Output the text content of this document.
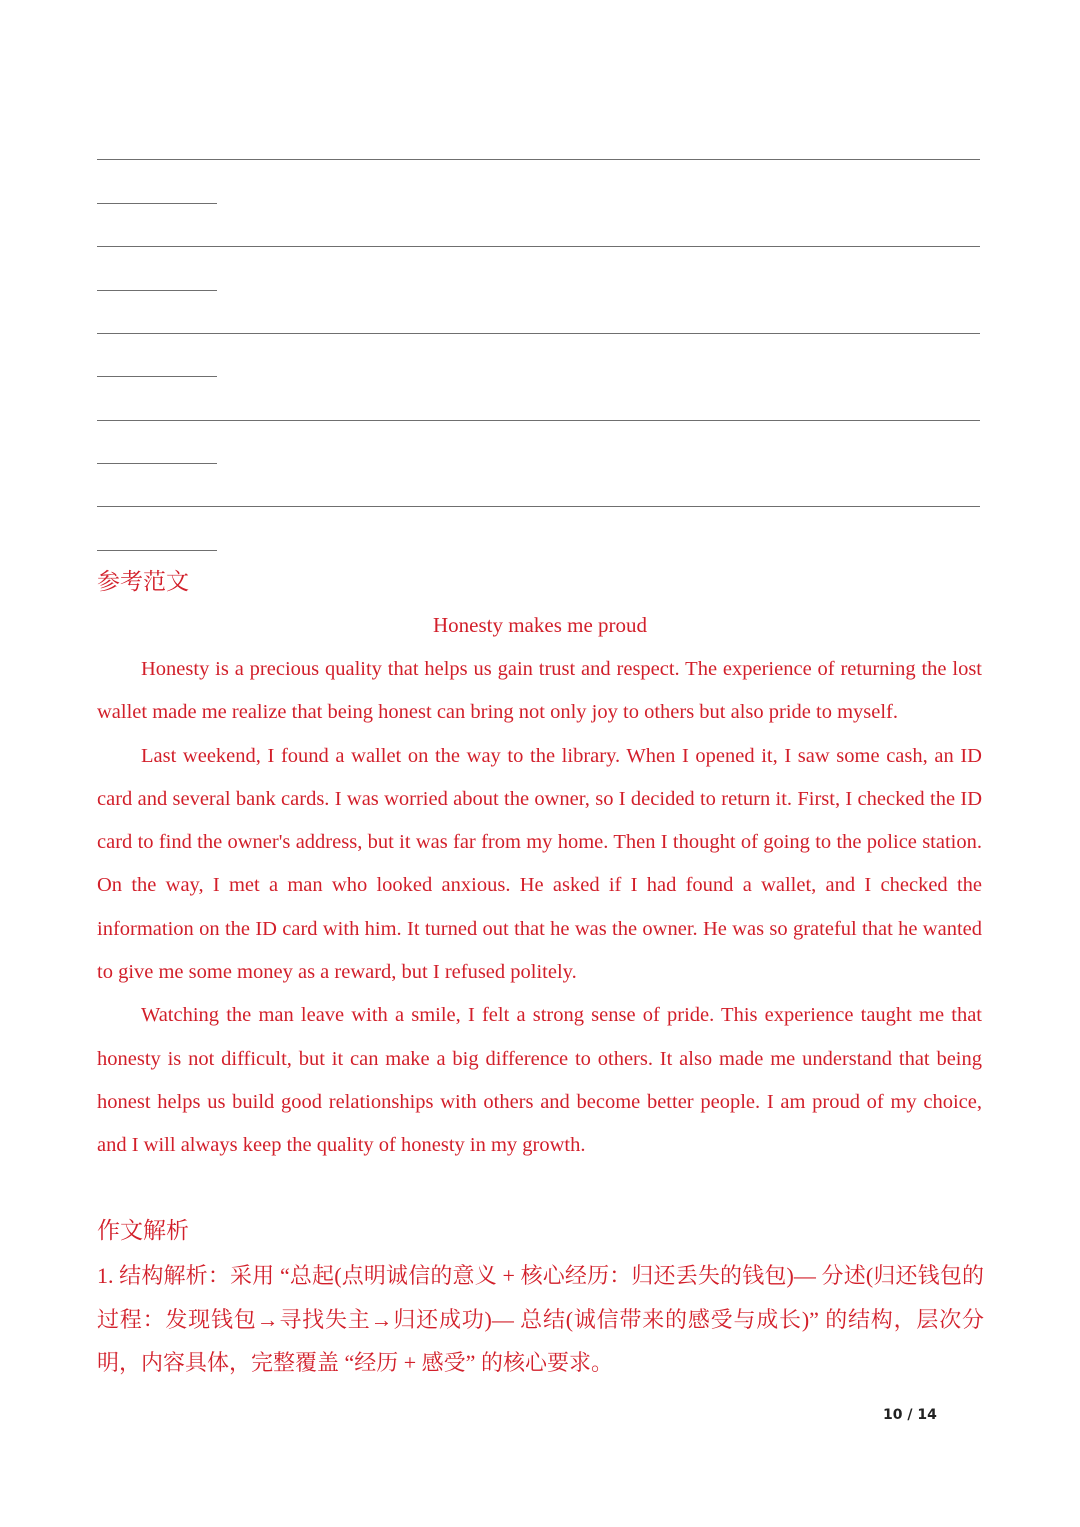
参考范文
Honesty makes me proud

Honesty is a precious quality that helps us gain trust and respect. The experience of returning the lost wallet made me realize that being honest can bring not only joy to others but also pride to myself.

Last weekend, I found a wallet on the way to the library. When I opened it, I saw some cash, an ID card and several bank cards. I was worried about the owner, so I decided to return it. First, I checked the ID card to find the owner's address, but it was far from my home. Then I thought of going to the police station. On the way, I met a man who looked anxious. He asked if I had found a wallet, and I checked the information on the ID card with him. It turned out that he was the owner. He was so grateful that he wanted to give me some money as a reward, but I refused politely.

Watching the man leave with a smile, I felt a strong sense of pride. This experience taught me that honesty is not difficult, but it can make a big difference to others. It also made me understand that being honest helps us build good relationships with others and become better people. I am proud of my choice, and I will always keep the quality of honesty in my growth.

作文解析
1. 结构解析：采用 “总起(点明诚信的意义 + 核心经历：归还丢失的钱包)— 分述(归还钱包的过程：发现钱包→寻找失主→归还成功)— 总结(诚信带来的感受与成长)” 的结构，层次分明，内容具体，完整覆盖 “经历 + 感受” 的核心要求。
10 / 14
